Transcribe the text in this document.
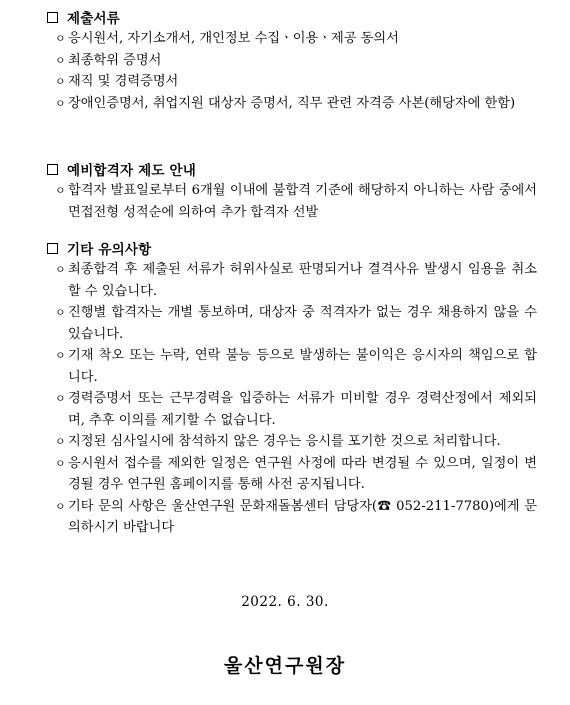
제출서류
ㅇ 응시원서, 자기소개서, 개인정보 수집ㆍ이용ㆍ제공 동의서
ㅇ 최종학위 증명서
ㅇ 재직 및 경력증명서
ㅇ 장애인증명서, 취업지원 대상자 증명서, 직무 관련 자격증 사본(해당자에 한함)
예비합격자 제도 안내
ㅇ 합격자 발표일로부터 6개월 이내에 불합격 기준에 해당하지 아니하는 사람 중에서 면접전형 성적순에 의하여 추가 합격자 선발
기타 유의사항
ㅇ 최종합격 후 제출된 서류가 허위사실로 판명되거나 결격사유 발생시 임용을 취소할 수 있습니다.
ㅇ 진행별 합격자는 개별 통보하며, 대상자 중 적격자가 없는 경우 채용하지 않을 수 있습니다.
ㅇ 기재 착오 또는 누락, 연락 불능 등으로 발생하는 불이익은 응시자의 책임으로 합니다.
ㅇ 경력증명서 또는 근무경력을 입증하는 서류가 미비할 경우 경력산정에서 제외되며, 추후 이의를 제기할 수 없습니다.
ㅇ 지정된 심사일시에 참석하지 않은 경우는 응시를 포기한 것으로 처리합니다.
ㅇ 응시원서 접수를 제외한 일정은 연구원 사정에 따라 변경될 수 있으며, 일정이 변경될 경우 연구원 홈페이지를 통해 사전 공지됩니다.
ㅇ 기타 문의 사항은 울산연구원 문화재돌봄센터 담당자(☎ 052-211-7780)에게 문의하시기 바랍니다
2022. 6. 30.
울산연구원장
